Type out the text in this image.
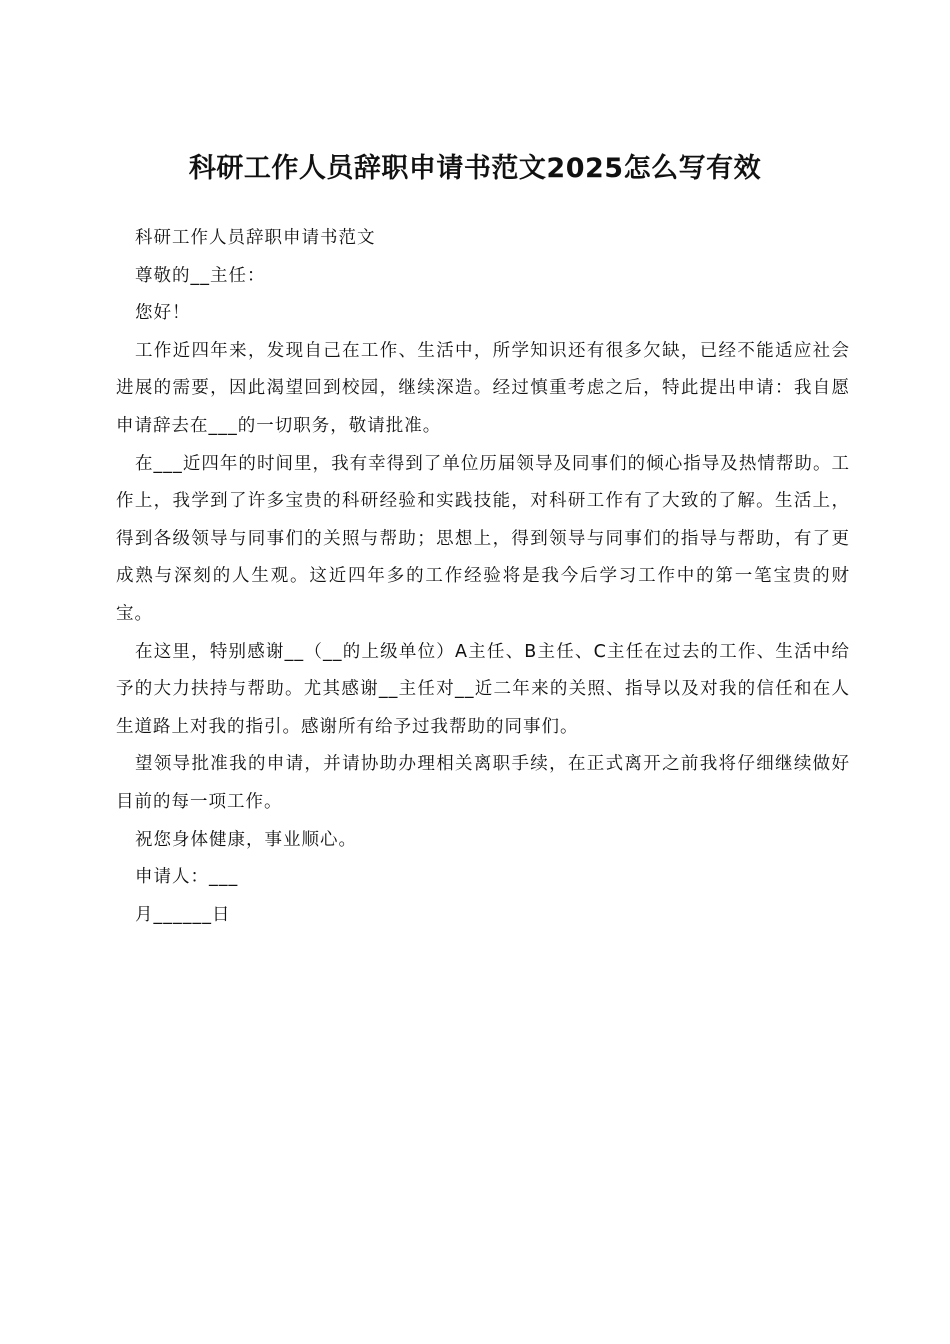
科研工作人员辞职申请书范文2025怎么写有效

科研工作人员辞职申请书范文

尊敬的__主任：

您好！

工作近四年来，发现自己在工作、生活中，所学知识还有很多欠缺，已经不能适应社会进展的需要，因此渴望回到校园，继续深造。经过慎重考虑之后，特此提出申请：我自愿申请辞去在___的一切职务，敬请批准。

在___近四年的时间里，我有幸得到了单位历届领导及同事们的倾心指导及热情帮助。工作上，我学到了许多宝贵的科研经验和实践技能，对科研工作有了大致的了解。生活上，得到各级领导与同事们的关照与帮助；思想上，得到领导与同事们的指导与帮助，有了更成熟与深刻的人生观。这近四年多的工作经验将是我今后学习工作中的第一笔宝贵的财宝。

在这里，特别感谢__（__的上级单位）A主任、B主任、C主任在过去的工作、生活中给予的大力扶持与帮助。尤其感谢__主任对__近二年来的关照、指导以及对我的信任和在人生道路上对我的指引。感谢所有给予过我帮助的同事们。

望领导批准我的申请，并请协助办理相关离职手续，在正式离开之前我将仔细继续做好目前的每一项工作。

祝您身体健康，事业顺心。

申请人：___

月______日
